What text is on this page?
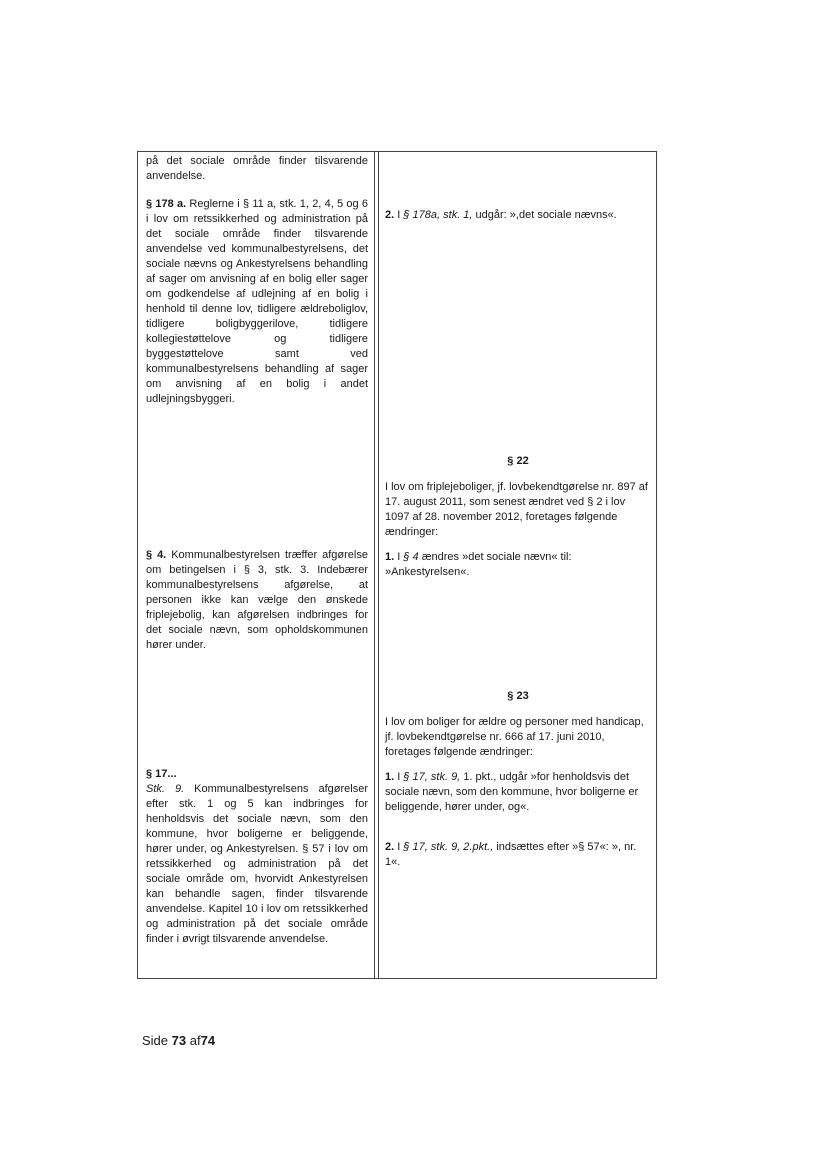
på det sociale område finder tilsvarende anvendelse.

§ 178 a. Reglerne i § 11 a, stk. 1, 2, 4, 5 og 6 i lov om retssikkerhed og administration på det sociale område finder tilsvarende anvendelse ved kommunalbestyrelsens, det sociale nævns og Ankestyrelsens behandling af sager om anvisning af en bolig eller sager om godkendelse af udlejning af en bolig i henhold til denne lov, tidligere ældreboliglov, tidligere boligbyggerilove, tidligere kollegiestøttelove og tidligere byggestøttelove samt ved kommunalbestyrelsens behandling af sager om anvisning af en bolig i andet udlejningsbyggeri.

§ 4. Kommunalbestyrelsen træffer afgørelse om betingelsen i § 3, stk. 3. Indebærer kommunalbestyrelsens afgørelse, at personen ikke kan vælge den ønskede friplejebolig, kan afgørelsen indbringes for det sociale nævn, som opholdskommunen hører under.

§ 17...
Stk. 9. Kommunalbestyrelsens afgørelser efter stk. 1 og 5 kan indbringes for henholdsvis det sociale nævn, som den kommune, hvor boligerne er beliggende, hører under, og Ankestyrelsen. § 57 i lov om retssikkerhed og administration på det sociale område om, hvorvidt Ankestyrelsen kan behandle sagen, finder tilsvarende anvendelse. Kapitel 10 i lov om retssikkerhed og administration på det sociale område finder i øvrigt tilsvarende anvendelse.

2. I § 178a, stk. 1, udgår: »,det sociale nævns«.

§ 22

I lov om friplejeboliger, jf. lovbekendtgørelse nr. 897 af 17. august 2011, som senest ændret ved § 2 i lov 1097 af 28. november 2012, foretages følgende ændringer:

1. I § 4 ændres »det sociale nævn« til: »Ankestyrelsen«.

§ 23

I lov om boliger for ældre og personer med handicap, jf. lovbekendtgørelse nr. 666 af 17. juni 2010, foretages følgende ændringer:

1. I § 17, stk. 9, 1. pkt., udgår »for henholdsvis det sociale nævn, som den kommune, hvor boligerne er beliggende, hører under, og«.

2. I § 17, stk. 9, 2.pkt., indsættes efter »§ 57«: », nr. 1«.

Side 73 af74
